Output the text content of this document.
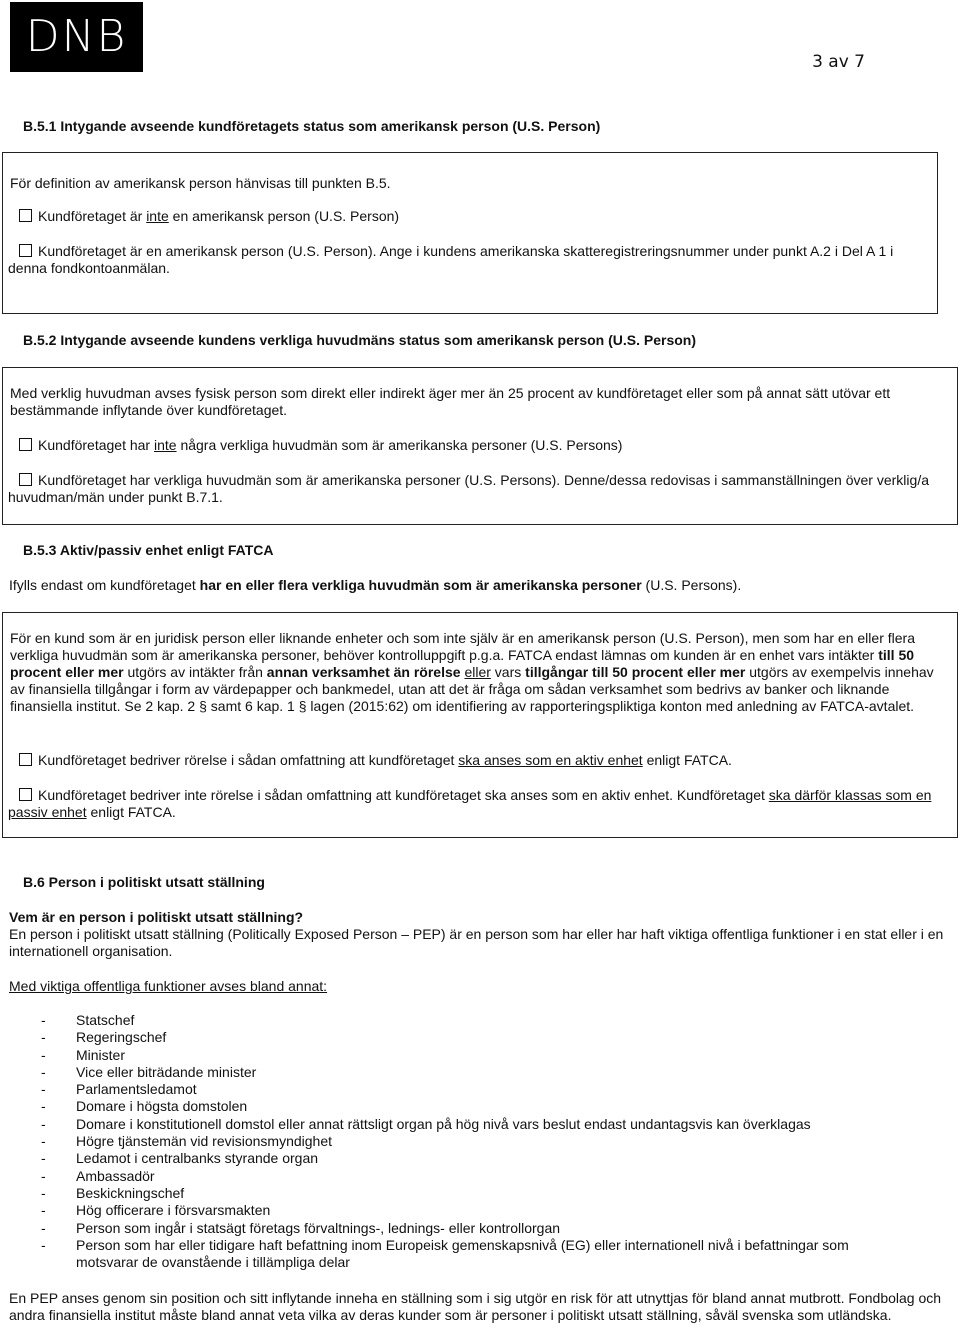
DNB	3 av 7
B.5.1 Intygande avseende kundföretagets status som amerikansk person (U.S. Person)

För definition av amerikansk person hänvisas till punkten B.5.

Kundföretaget är inte en amerikansk person (U.S. Person)

Kundföretaget är en amerikansk person (U.S. Person). Ange i kundens amerikanska skatteregistreringsnummer under punkt A.2 i Del A 1 i denna fondkontoanmälan.

B.5.2 Intygande avseende kundens verkliga huvudmäns status som amerikansk person (U.S. Person)

Med verklig huvudman avses fysisk person som direkt eller indirekt äger mer än 25 procent av kundföretaget eller som på annat sätt utövar ett bestämmande inflytande över kundföretaget.

Kundföretaget har inte några verkliga huvudmän som är amerikanska personer (U.S. Persons)

Kundföretaget har verkliga huvudmän som är amerikanska personer (U.S. Persons). Denne/dessa redovisas i sammanställningen över verklig/a huvudman/män under punkt B.7.1.

B.5.3 Aktiv/passiv enhet enligt FATCA
Ifylls endast om kundföretaget har en eller flera verkliga huvudmän som är amerikanska personer (U.S. Persons).

För en kund som är en juridisk person eller liknande enheter och som inte själv är en amerikansk person (U.S. Person), men som har en eller flera verkliga huvudmän som är amerikanska personer, behöver kontrolluppgift p.g.a. FATCA endast lämnas om kunden är en enhet vars intäkter till 50 procent eller mer utgörs av intäkter från annan verksamhet än rörelse eller vars tillgångar till 50 procent eller mer utgörs av exempelvis innehav av finansiella tillgångar i form av värdepapper och bankmedel, utan att det är fråga om sådan verksamhet som bedrivs av banker och liknande finansiella institut. Se 2 kap. 2 § samt 6 kap. 1 § lagen (2015:62) om identifiering av rapporteringspliktiga konton med anledning av FATCA-avtalet.

Kundföretaget bedriver rörelse i sådan omfattning att kundföretaget ska anses som en aktiv enhet enligt FATCA.

Kundföretaget bedriver inte rörelse i sådan omfattning att kundföretaget ska anses som en aktiv enhet. Kundföretaget ska därför klassas som en passiv enhet enligt FATCA.

B.6 Person i politiskt utsatt ställning
Vem är en person i politiskt utsatt ställning?
En person i politiskt utsatt ställning (Politically Exposed Person – PEP) är en person som har eller har haft viktiga offentliga funktioner i en stat eller i en internationell organisation.
Med viktiga offentliga funktioner avses bland annat:
- Statschef
- Regeringschef
- Minister
- Vice eller biträdande minister
- Parlamentsledamot
- Domare i högsta domstolen
- Domare i konstitutionell domstol eller annat rättsligt organ på hög nivå vars beslut endast undantagsvis kan överklagas
- Högre tjänstemän vid revisionsmyndighet
- Ledamot i centralbanks styrande organ
- Ambassadör
- Beskickningschef
- Hög officerare i försvarsmakten
- Person som ingår i statsägt företags förvaltnings-, lednings- eller kontrollorgan
- Person som har eller tidigare haft befattning inom Europeisk gemenskapsnivå (EG) eller internationell nivå i befattningar som motsvarar de ovanstående i tillämpliga delar
En PEP anses genom sin position och sitt inflytande inneha en ställning som i sig utgör en risk för att utnyttjas för bland annat mutbrott. Fondbolag och andra finansiella institut måste bland annat veta vilka av deras kunder som är personer i politiskt utsatt ställning, såväl svenska som utländska.
